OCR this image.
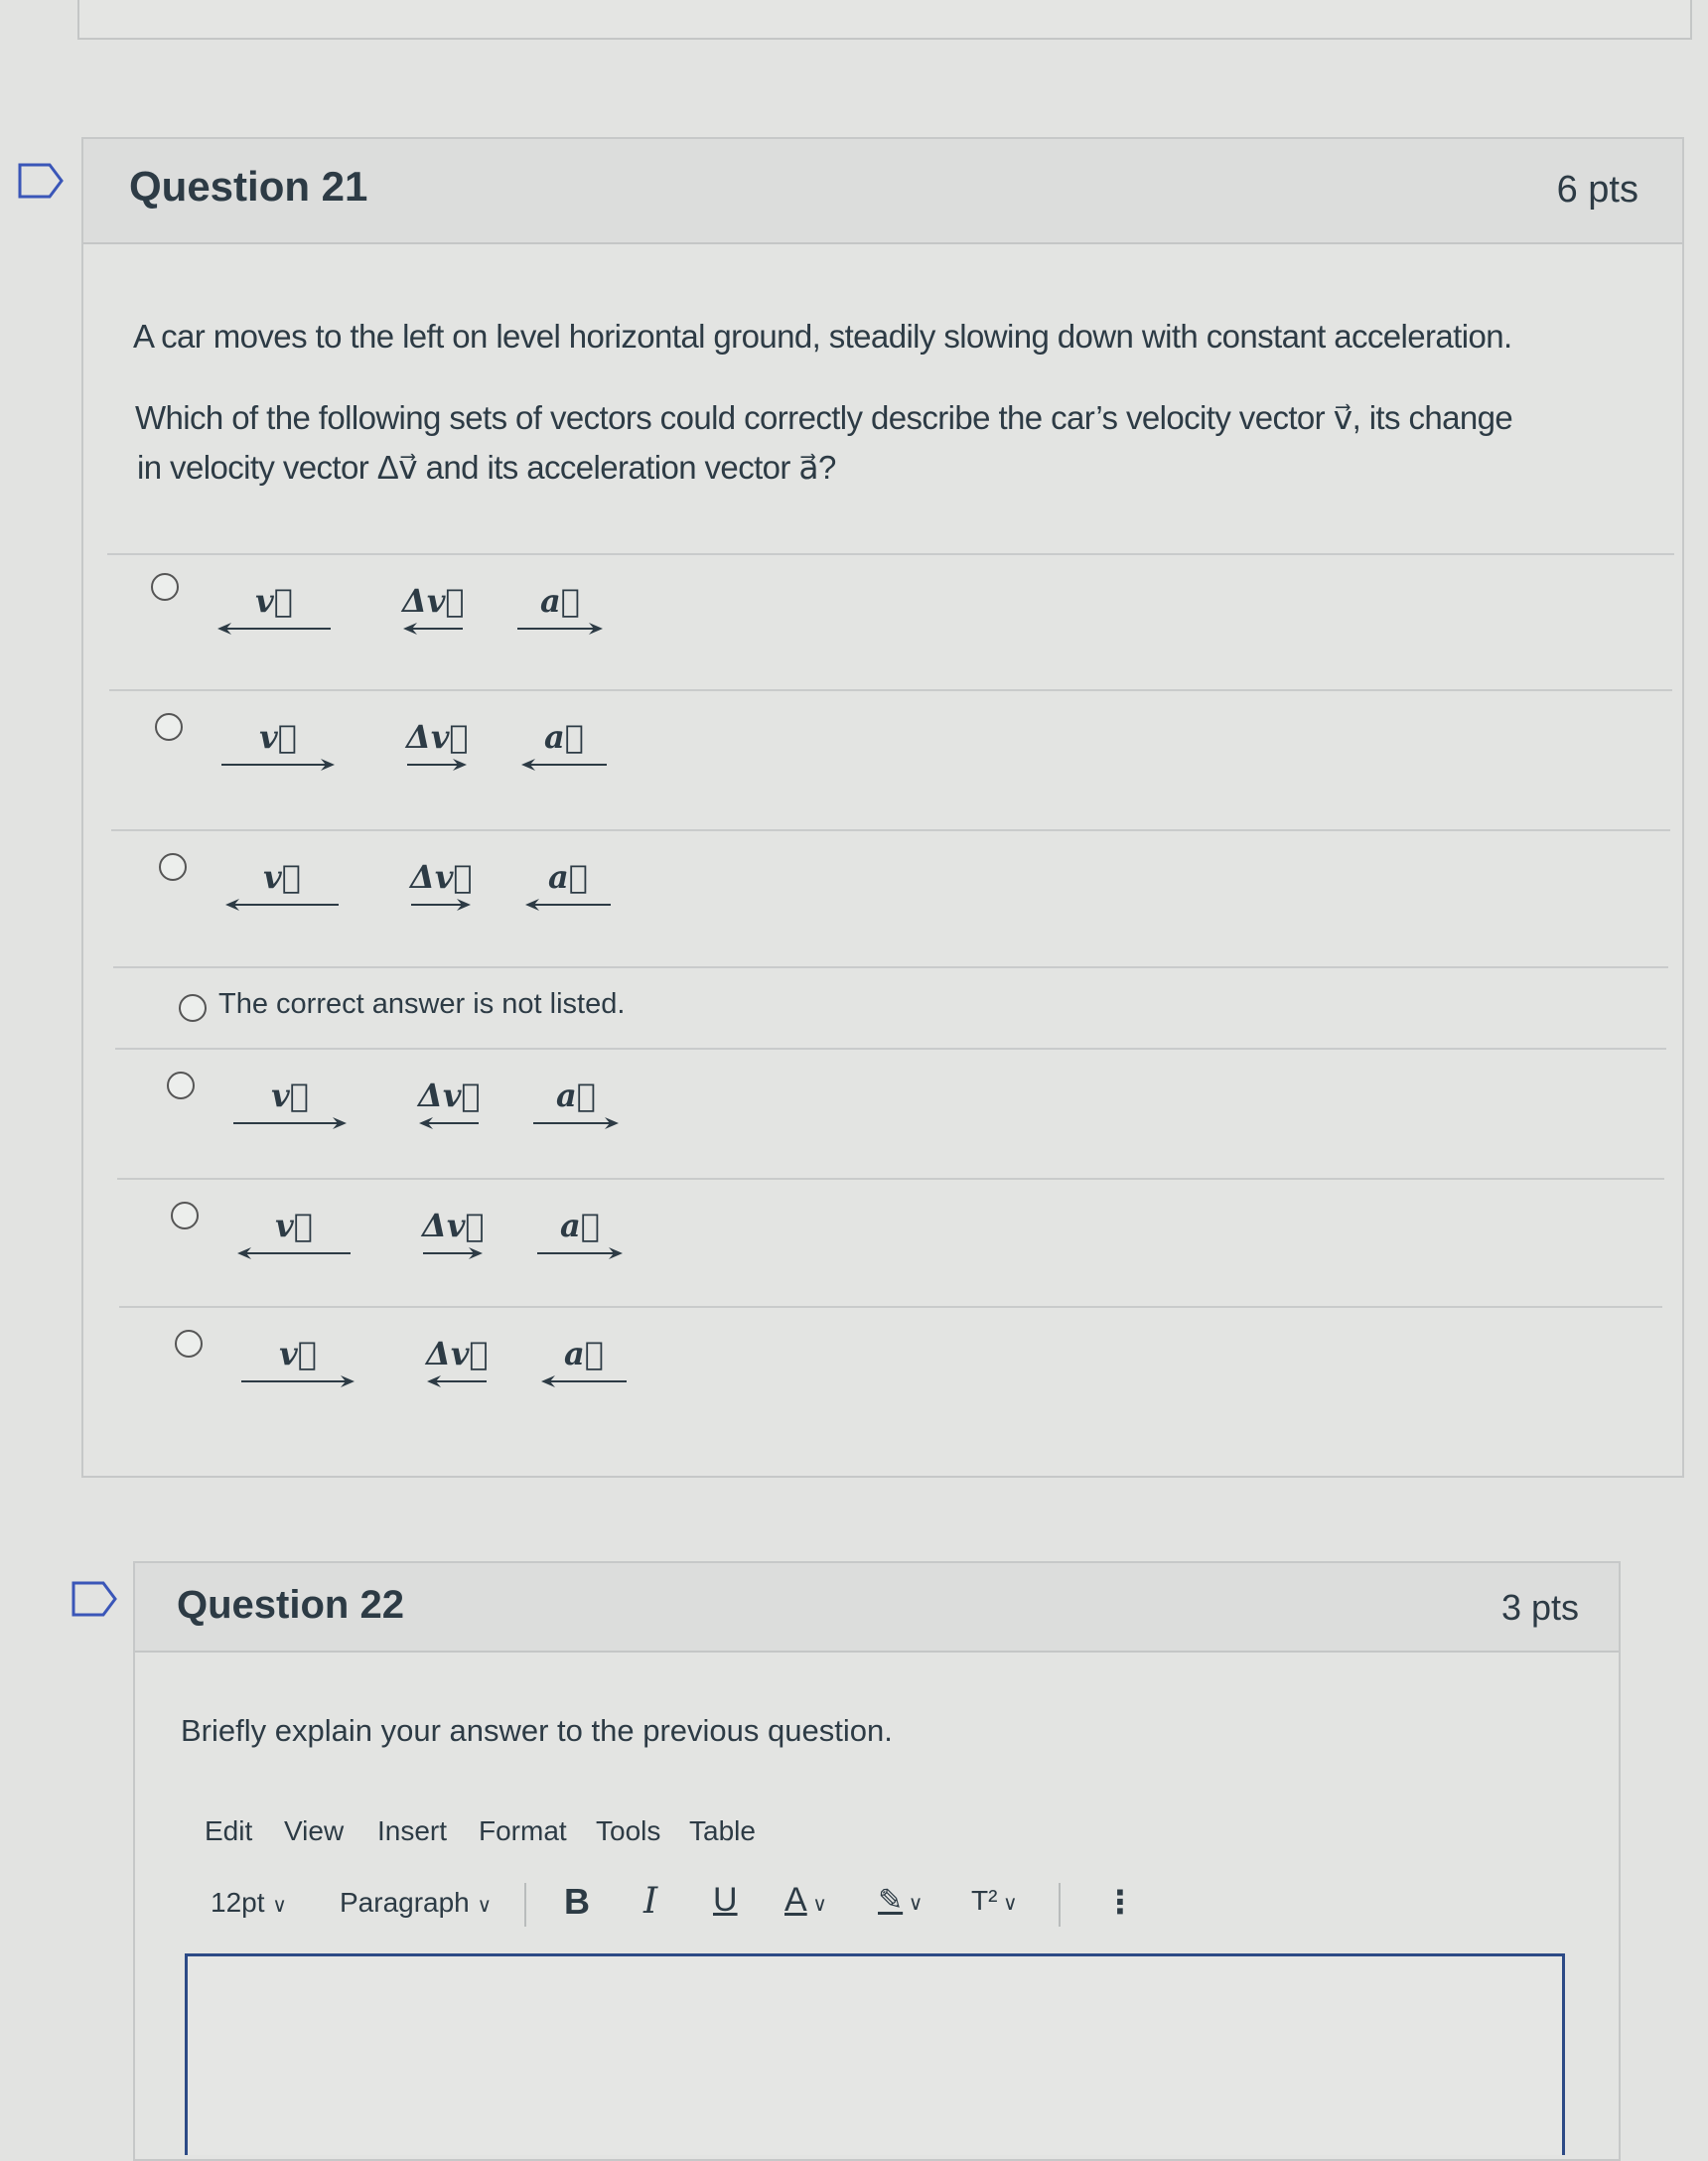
Question 21	6 pts
A car moves to the left on level horizontal ground, steadily slowing down with constant acceleration.
Which of the following sets of vectors could correctly describe the car’s velocity vector v⃗, its change
in velocity vector Δv⃗ and its acceleration vector a⃗?
v⃗	Δv⃗	a⃗
v⃗	Δv⃗	a⃗
v⃗	Δv⃗	a⃗
The correct answer is not listed.
v⃗	Δv⃗	a⃗
v⃗	Δv⃗	a⃗
v⃗	Δv⃗	a⃗
Question 22	3 pts
Briefly explain your answer to the previous question.
Edit View Insert Format Tools Table
12pt ∨ Paragraph ∨ B I U A ∨ ✎ ∨ T² ∨	⋮
